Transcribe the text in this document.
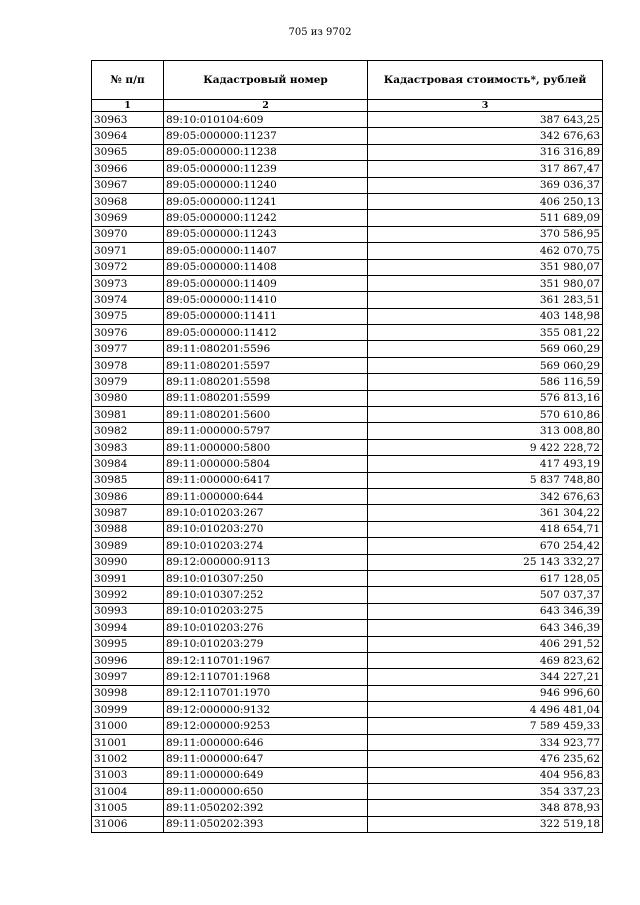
705 из 9702
№ п/п	Кадастровый номер	Кадастровая стоимость*, рублей
1	2	3
30963	89:10:010104:609	387 643,25
30964	89:05:000000:11237	342 676,63
30965	89:05:000000:11238	316 316,89
30966	89:05:000000:11239	317 867,47
30967	89:05:000000:11240	369 036,37
30968	89:05:000000:11241	406 250,13
30969	89:05:000000:11242	511 689,09
30970	89:05:000000:11243	370 586,95
30971	89:05:000000:11407	462 070,75
30972	89:05:000000:11408	351 980,07
30973	89:05:000000:11409	351 980,07
30974	89:05:000000:11410	361 283,51
30975	89:05:000000:11411	403 148,98
30976	89:05:000000:11412	355 081,22
30977	89:11:080201:5596	569 060,29
30978	89:11:080201:5597	569 060,29
30979	89:11:080201:5598	586 116,59
30980	89:11:080201:5599	576 813,16
30981	89:11:080201:5600	570 610,86
30982	89:11:000000:5797	313 008,80
30983	89:11:000000:5800	9 422 228,72
30984	89:11:000000:5804	417 493,19
30985	89:11:000000:6417	5 837 748,80
30986	89:11:000000:644	342 676,63
30987	89:10:010203:267	361 304,22
30988	89:10:010203:270	418 654,71
30989	89:10:010203:274	670 254,42
30990	89:12:000000:9113	25 143 332,27
30991	89:10:010307:250	617 128,05
30992	89:10:010307:252	507 037,37
30993	89:10:010203:275	643 346,39
30994	89:10:010203:276	643 346,39
30995	89:10:010203:279	406 291,52
30996	89:12:110701:1967	469 823,62
30997	89:12:110701:1968	344 227,21
30998	89:12:110701:1970	946 996,60
30999	89:12:000000:9132	4 496 481,04
31000	89:12:000000:9253	7 589 459,33
31001	89:11:000000:646	334 923,77
31002	89:11:000000:647	476 235,62
31003	89:11:000000:649	404 956,83
31004	89:11:000000:650	354 337,23
31005	89:11:050202:392	348 878,93
31006	89:11:050202:393	322 519,18
